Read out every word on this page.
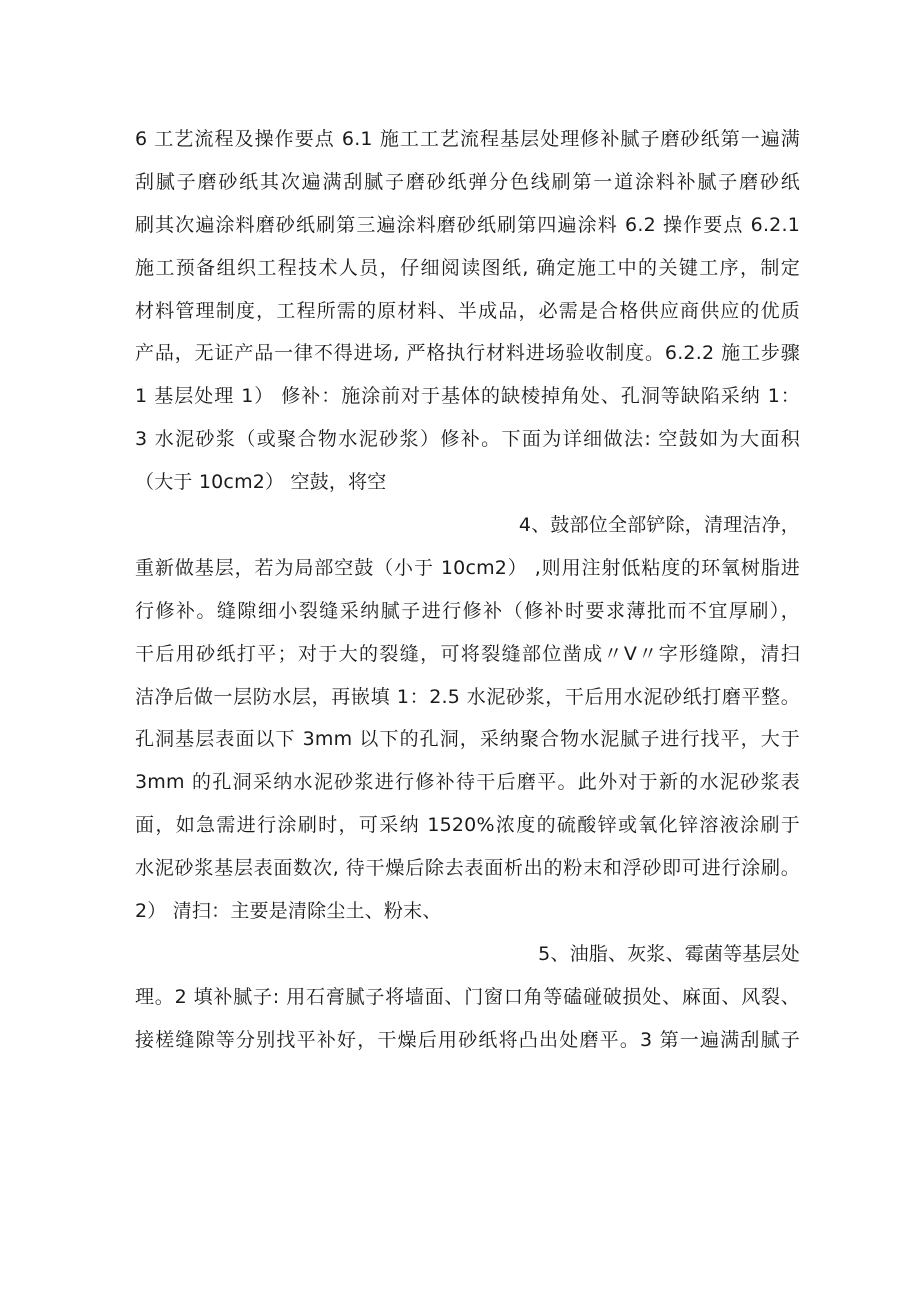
6 工艺流程及操作要点 6.1 施工工艺流程基层处理修补腻子磨砂纸第一遍满
刮腻子磨砂纸其次遍满刮腻子磨砂纸弹分色线刷第一道涂料补腻子磨砂纸
刷其次遍涂料磨砂纸刷第三遍涂料磨砂纸刷第四遍涂料 6.2 操作要点 6.2.1
施工预备组织工程技术人员，仔细阅读图纸, 确定施工中的关键工序，制定
材料管理制度，工程所需的原材料、半成品，必需是合格供应商供应的优质
产品，无证产品一律不得进场, 严格执行材料进场验收制度。6.2.2 施工步骤
1 基层处理 1） 修补：施涂前对于基体的缺棱掉角处、孔洞等缺陷采纳 1：
3 水泥砂浆（或聚合物水泥砂浆）修补。下面为详细做法: 空鼓如为大面积
（大于 10cm2） 空鼓，将空
4、鼓部位全部铲除，清理洁净，
重新做基层，若为局部空鼓（小于 10cm2） ,则用注射低粘度的环氧树脂进
行修补。缝隙细小裂缝采纳腻子进行修补（修补时要求薄批而不宜厚刷），
干后用砂纸打平；对于大的裂缝，可将裂缝部位凿成〃V〃字形缝隙，清扫
洁净后做一层防水层，再嵌填 1：2.5 水泥砂浆，干后用水泥砂纸打磨平整。
孔洞基层表面以下 3mm 以下的孔洞，采纳聚合物水泥腻子进行找平，大于
3mm 的孔洞采纳水泥砂浆进行修补待干后磨平。此外对于新的水泥砂浆表
面，如急需进行涂刷时，可采纳 1520%浓度的硫酸锌或氧化锌溶液涂刷于
水泥砂浆基层表面数次, 待干燥后除去表面析出的粉末和浮砂即可进行涂刷。
2） 清扫：主要是清除尘土、粉末、
5、油脂、灰浆、霉菌等基层处
理。2 填补腻子: 用石膏腻子将墙面、门窗口角等磕碰破损处、麻面、风裂、
接槎缝隙等分别找平补好，干燥后用砂纸将凸出处磨平。3 第一遍满刮腻子
